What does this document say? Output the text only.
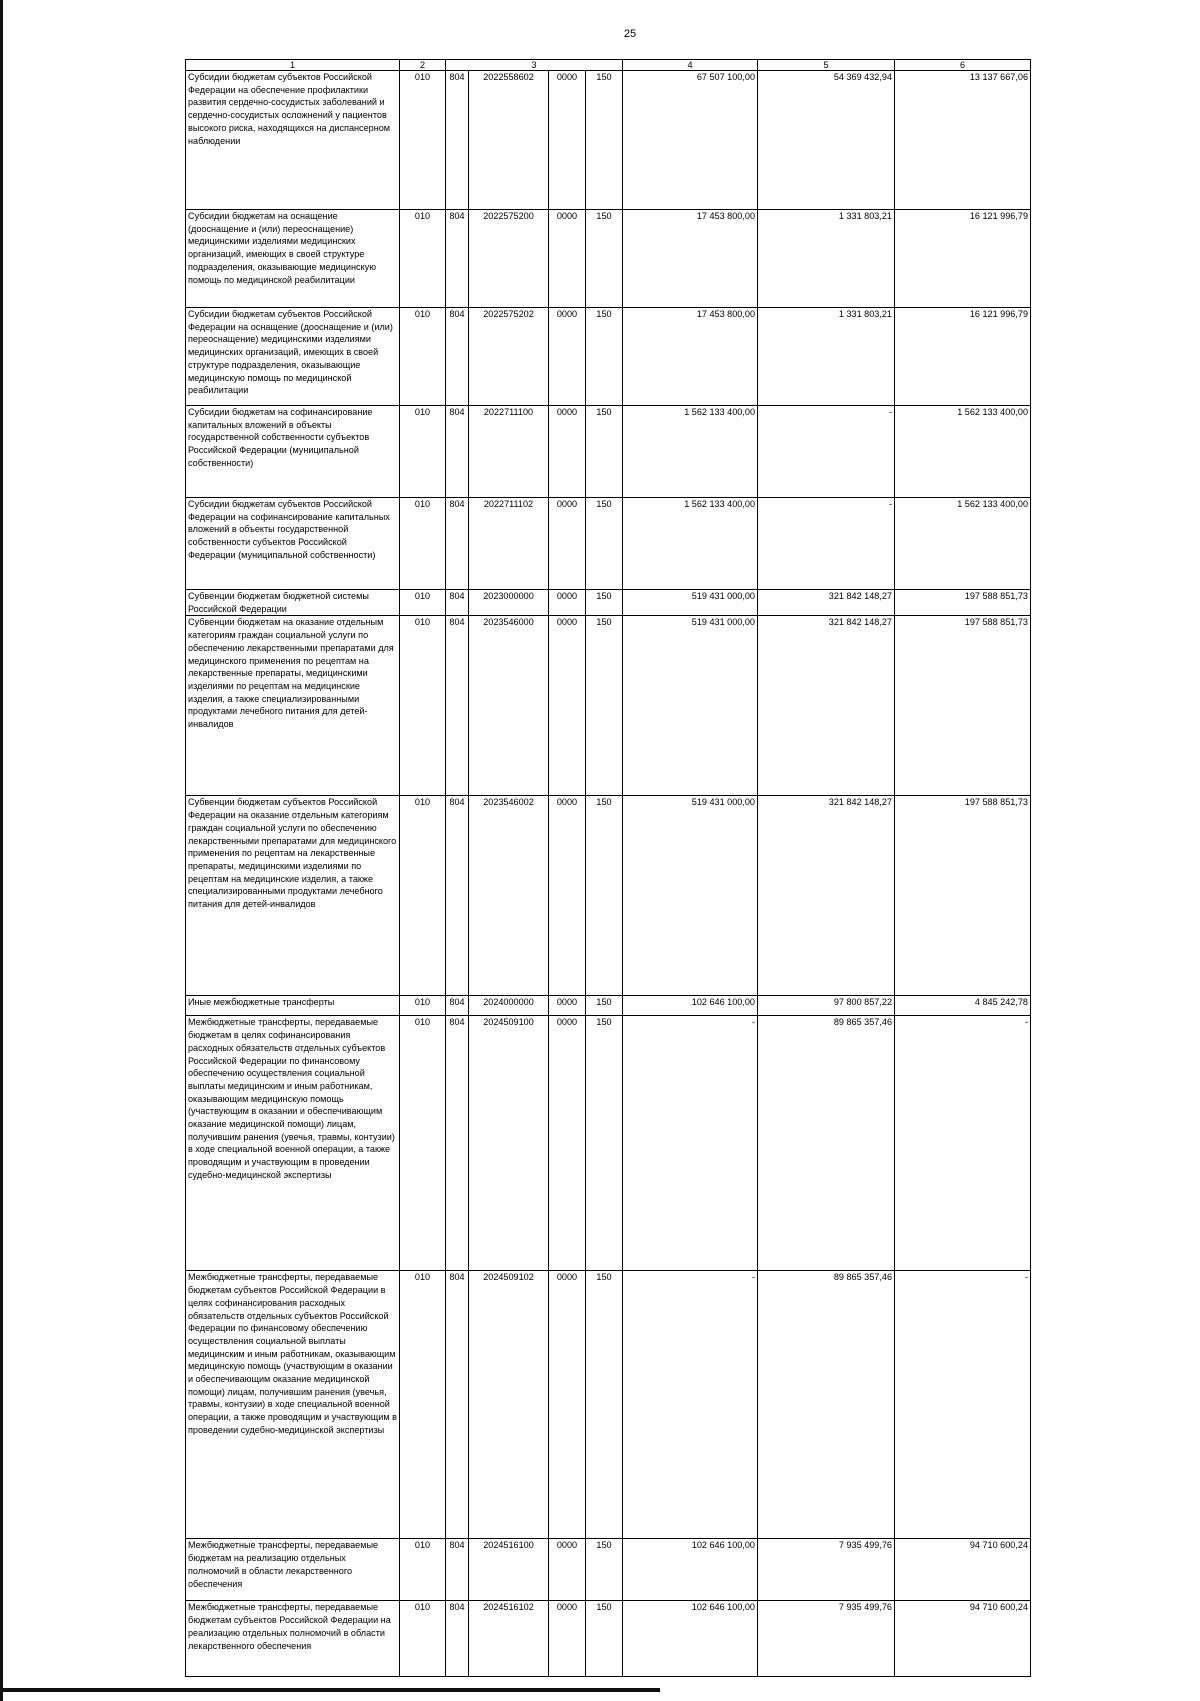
25
1	2	3				4	5	6
Субсидии бюджетам субъектов Российской Федерации на обеспечение профилактики развития сердечно-сосудистых заболеваний и сердечно-сосудистых осложнений у пациентов высокого риска, находящихся на диспансерном наблюдении	010	804	2022558602	0000	150	67 507 100,00	54 369 432,94	13 137 667,06
Субсидии бюджетам на оснащение (дооснащение и (или) переоснащение) медицинскими изделиями медицинских организаций, имеющих в своей структуре подразделения, оказывающие медицинскую помощь по медицинской реабилитации	010	804	2022575200	0000	150	17 453 800,00	1 331 803,21	16 121 996,79
Субсидии бюджетам субъектов Российской Федерации на оснащение (дооснащение и (или) переоснащение) медицинскими изделиями медицинских организаций, имеющих в своей структуре подразделения, оказывающие медицинскую помощь по медицинской реабилитации	010	804	2022575202	0000	150	17 453 800,00	1 331 803,21	16 121 996,79
Субсидии бюджетам на софинансирование капитальных вложений в объекты государственной собственности субъектов Российской Федерации (муниципальной собственности)	010	804	2022711100	0000	150	1 562 133 400,00	-	1 562 133 400,00
Субсидии бюджетам субъектов Российской Федерации на софинансирование капитальных вложений в объекты государственной собственности субъектов Российской Федерации (муниципальной собственности)	010	804	2022711102	0000	150	1 562 133 400,00	-	1 562 133 400,00
Субвенции бюджетам бюджетной системы Российской Федерации	010	804	2023000000	0000	150	519 431 000,00	321 842 148,27	197 588 851,73
Субвенции бюджетам на оказание отдельным категориям граждан социальной услуги по обеспечению лекарственными препаратами для медицинского применения по рецептам на лекарственные препараты, медицинскими изделиями по рецептам на медицинские изделия, а также специализированными продуктами лечебного питания для детей-инвалидов	010	804	2023546000	0000	150	519 431 000,00	321 842 148,27	197 588 851,73
Субвенции бюджетам субъектов Российской Федерации на оказание отдельным категориям граждан социальной услуги по обеспечению лекарственными препаратами для медицинского применения по рецептам на лекарственные препараты, медицинскими изделиями по рецептам на медицинские изделия, а также специализированными продуктами лечебного питания для детей-инвалидов	010	804	2023546002	0000	150	519 431 000,00	321 842 148,27	197 588 851,73
Иные межбюджетные трансферты	010	804	2024000000	0000	150	102 646 100,00	97 800 857,22	4 845 242,78
Межбюджетные трансферты, передаваемые бюджетам в целях софинансирования расходных обязательств отдельных субъектов Российской Федерации по финансовому обеспечению осуществления социальной выплаты медицинским и иным работникам, оказывающим медицинскую помощь (участвующим в оказании и обеспечивающим оказание медицинской помощи) лицам, получившим ранения (увечья, травмы, контузии) в ходе специальной военной операции, а также проводящим и участвующим в проведении судебно-медицинской экспертизы	010	804	2024509100	0000	150	-	89 865 357,46	-
Межбюджетные трансферты, передаваемые бюджетам субъектов Российской Федерации в целях софинансирования расходных обязательств отдельных субъектов Российской Федерации по финансовому обеспечению осуществления социальной выплаты медицинским и иным работникам, оказывающим медицинскую помощь (участвующим в оказании и обеспечивающим оказание медицинской помощи) лицам, получившим ранения (увечья, травмы, контузии) в ходе специальной военной операции, а также проводящим и участвующим в проведении судебно-медицинской экспертизы	010	804	2024509102	0000	150	-	89 865 357,46	-
Межбюджетные трансферты, передаваемые бюджетам на реализацию отдельных полномочий в области лекарственного обеспечения	010	804	2024516100	0000	150	102 646 100,00	7 935 499,76	94 710 600,24
Межбюджетные трансферты, передаваемые бюджетам субъектов Российской Федерации на реализацию отдельных полномочий в области лекарственного обеспечения	010	804	2024516102	0000	150	102 646 100,00	7 935 499,76	94 710 600,24
